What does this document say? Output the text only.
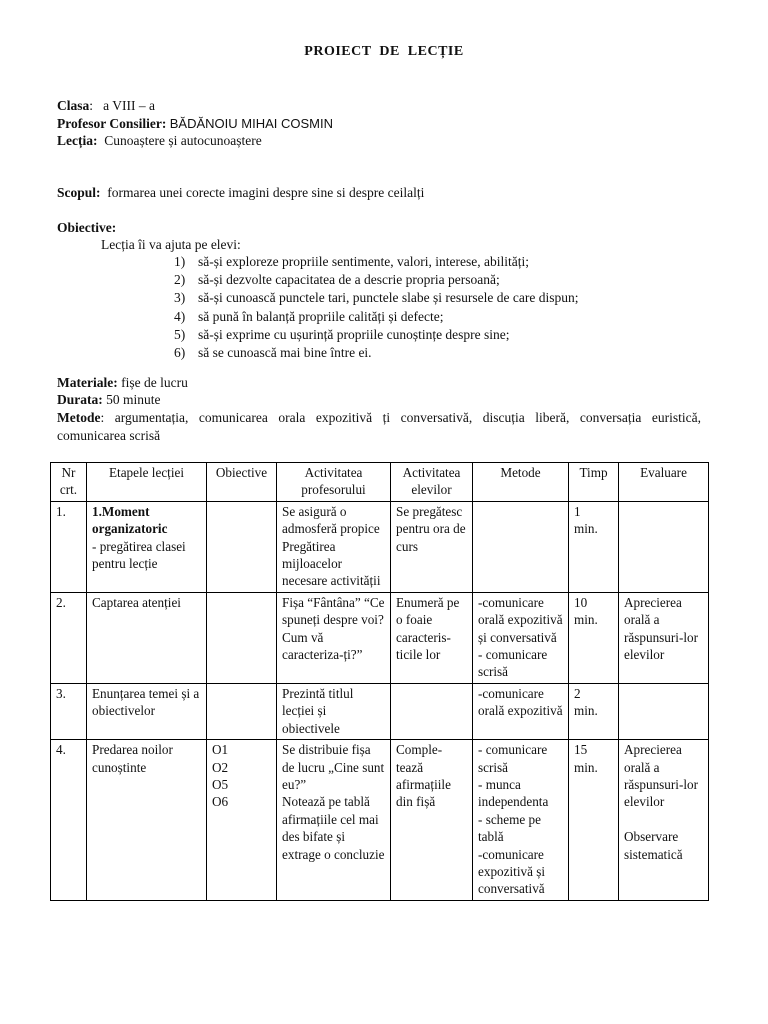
PROIECT DE LECȚIE
Clasa:   a VIII – a
Profesor Consilier: BĂDĂNOIU MIHAI COSMIN
Lecția: Cunoaștere și autocunoaștere
Scopul: formarea unei corecte imagini despre sine si despre ceilalți
Obiective:
Lecția îi va ajuta pe elevi:
1) să-și exploreze propriile sentimente, valori, interese, abilități;
2) să-și dezvolte capacitatea de a descrie propria persoană;
3) să-și cunoască punctele tari, punctele slabe și resursele de care dispun;
4) să pună în balanță propriile calități și defecte;
5) să-și exprime cu ușurință propriile cunoștințe despre sine;
6) să se cunoască mai bine între ei.
Materiale: fișe de lucru
Durata: 50 minute
Metode: argumentația, comunicarea orala expozitivă ți conversativă, discuția liberă, conversația euristică, comunicarea scrisă
Nr
crt.	Etapele lecției	Obiective	Activitatea
profesorului	Activitatea
elevilor	Metode	Timp	Evaluare

1.	1.Moment organizatoric
- pregătirea clasei pentru lecție		Se asigură o admosferă propice
Pregătirea mijloacelor necesare activității	Se pregătesc pentru ora de curs		1
min.	

2.	Captarea atenției		Fișa “Fântâna” “Ce spuneți despre voi? Cum vă caracteriza-ți?”	Enumeră pe o foaie caracteris-ticile lor	-comunicare orală expozitivă și conversativă
- comunicare scrisă	10
min.	Aprecierea orală a răspunsuri-lor elevilor

3.	Enunțarea temei și a obiectivelor		Prezintă titlul lecției și obiectivele		-comunicare orală expozitivă	2
min.	

4.	Predarea noilor cunoștinte	O1
O2
O5
O6	Se distribuie fișa de lucru „Cine sunt eu?”
Notează pe tablă afirmațiile cel mai des bifate și extrage o concluzie	Comple-tează afirmațiile din fișă	- comunicare scrisă
- munca independenta
- scheme pe tablă
-comunicare expozitivă și conversativă	15
min.	Aprecierea orală a răspunsuri-lor elevilor

Observare sistematică
